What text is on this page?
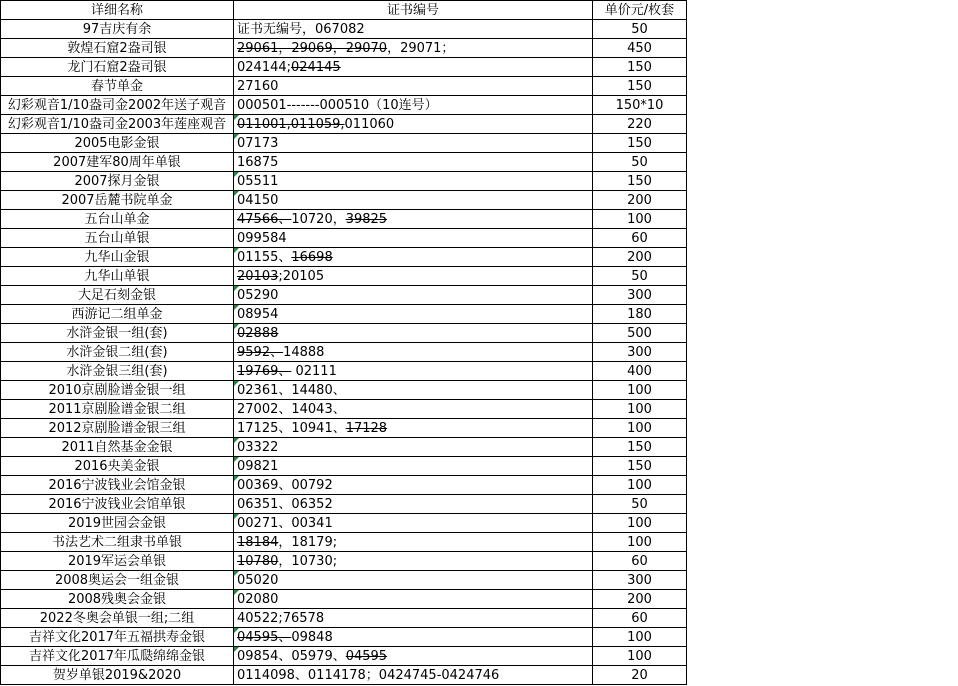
详细名称	证书编号	单价元/枚套
97吉庆有余	证书无编号，067082	50
敦煌石窟2盎司银	29061，29069，29070，29071；	450
龙门石窟2盎司银	024144;024145	150
春节单金	27160	150
幻彩观音1/10盎司金2002年送子观音	000501-------000510（10连号）	150*10
幻彩观音1/10盎司金2003年莲座观音	011001,011059,011060	220
2005电影金银	07173	150
2007建军80周年单银	16875	50
2007探月金银	05511	150
2007岳麓书院单金	04150	200
五台山单金	47566、10720，39825	100
五台山单银	099584	60
九华山金银	01155、16698	200
九华山单银	20103;20105	50
大足石刻金银	05290	300
西游记二组单金	08954	180
水浒金银一组(套)	02888	500
水浒金银二组(套)	9592、14888	300
水浒金银三组(套)	19769、 02111	400
2010京剧脸谱金银一组	02361、14480、	100
2011京剧脸谱金银二组	27002、14043、	100
2012京剧脸谱金银三组	17125、10941、17128	100
2011自然基金金银	03322	150
2016央美金银	09821	150
2016宁波钱业会馆金银	00369、00792	100
2016宁波钱业会馆单银	06351、06352	50
2019世园会金银	00271、00341	100
书法艺术二组隶书单银	18184，18179;	100
2019军运会单银	10780，10730;	60
2008奥运会一组金银	05020	300
2008残奥会金银	02080	200
2022冬奥会单银一组;二组	40522;76578	60
吉祥文化2017年五福拱寿金银	04595、09848	100
吉祥文化2017年瓜瓞绵绵金银	09854、05979、04595	100
贺岁单银2019&2020	0114098、0114178；0424745-0424746	20
